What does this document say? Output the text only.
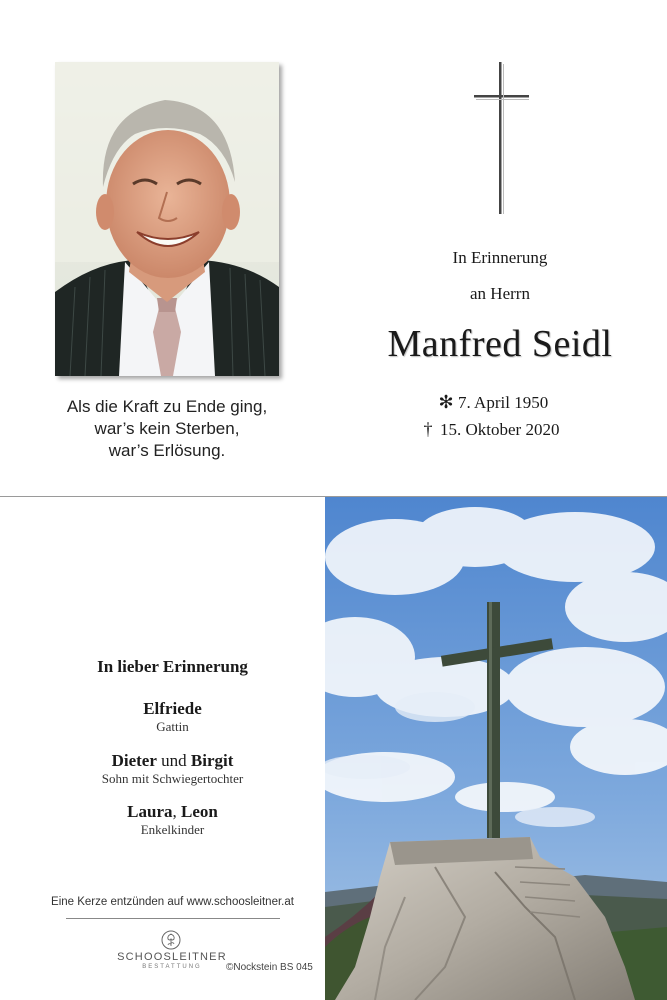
Als die Kraft zu Ende ging,
war’s kein Sterben,
war’s Erlösung.
In Erinnerung
an Herrn
Manfred Seidl
✻ 7. April 1950
† 15. Oktober 2020
In lieber Erinnerung
Elfriede
Gattin
Dieter und Birgit
Sohn mit Schwiegertochter
Laura, Leon
Enkelkinder
Eine Kerze entzünden auf www.schoosleitner.at
SCHOOSLEITNER
BESTATTUNG	©Nockstein BS 045
